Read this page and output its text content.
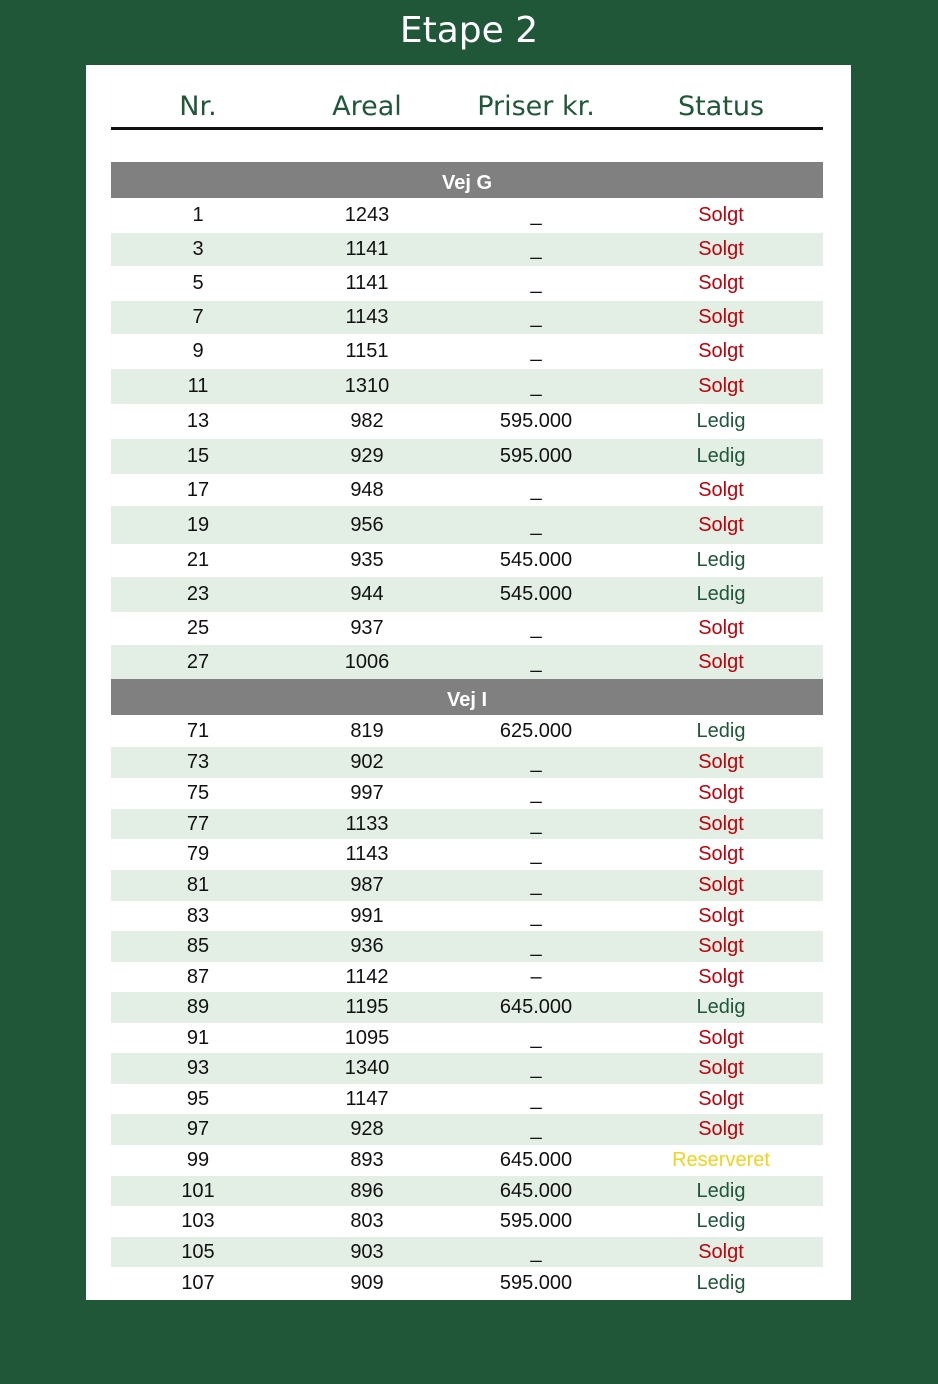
Etape 2
Nr.	Areal	Priser kr.	Status
Vej G
1	1243	_	Solgt
3	1141	_	Solgt
5	1141	_	Solgt
7	1143	_	Solgt
9	1151	_	Solgt
11	1310	_	Solgt
13	982	595.000	Ledig
15	929	595.000	Ledig
17	948	_	Solgt
19	956	_	Solgt
21	935	545.000	Ledig
23	944	545.000	Ledig
25	937	_	Solgt
27	1006	_	Solgt
Vej I
71	819	625.000	Ledig
73	902	_	Solgt
75	997	_	Solgt
77	1133	_	Solgt
79	1143	_	Solgt
81	987	_	Solgt
83	991	_	Solgt
85	936	_	Solgt
87	1142	–	Solgt
89	1195	645.000	Ledig
91	1095	_	Solgt
93	1340	_	Solgt
95	1147	_	Solgt
97	928	_	Solgt
99	893	645.000	Reserveret
101	896	645.000	Ledig
103	803	595.000	Ledig
105	903	_	Solgt
107	909	595.000	Ledig
